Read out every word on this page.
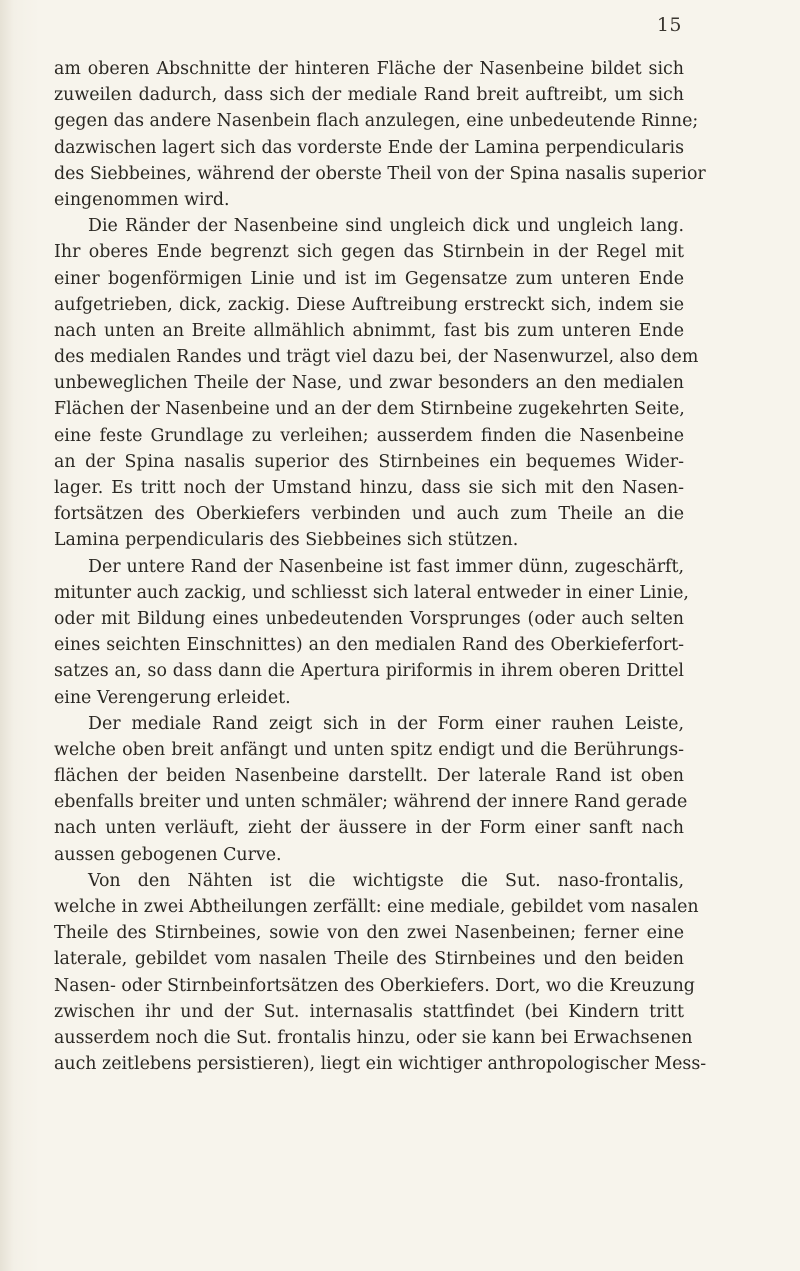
15
am oberen Abschnitte der hinteren Fläche der Nasenbeine bildet sich
zuweilen dadurch, dass sich der mediale Rand breit auftreibt, um sich
gegen das andere Nasenbein flach anzulegen, eine unbedeutende Rinne;
dazwischen lagert sich das vorderste Ende der Lamina perpendicularis
des Siebbeines, während der oberste Theil von der Spina nasalis superior
eingenommen wird.
Die Ränder der Nasenbeine sind ungleich dick und ungleich lang.
Ihr oberes Ende begrenzt sich gegen das Stirnbein in der Regel mit
einer bogenförmigen Linie und ist im Gegensatze zum unteren Ende
aufgetrieben, dick, zackig. Diese Auftreibung erstreckt sich, indem sie
nach unten an Breite allmählich abnimmt, fast bis zum unteren Ende
des medialen Randes und trägt viel dazu bei, der Nasenwurzel, also dem
unbeweglichen Theile der Nase, und zwar besonders an den medialen
Flächen der Nasenbeine und an der dem Stirnbeine zugekehrten Seite,
eine feste Grundlage zu verleihen; ausserdem finden die Nasenbeine
an der Spina nasalis superior des Stirnbeines ein bequemes Wider-
lager. Es tritt noch der Umstand hinzu, dass sie sich mit den Nasen-
fortsätzen des Oberkiefers verbinden und auch zum Theile an die
Lamina perpendicularis des Siebbeines sich stützen.
Der untere Rand der Nasenbeine ist fast immer dünn, zugeschärft,
mitunter auch zackig, und schliesst sich lateral entweder in einer Linie,
oder mit Bildung eines unbedeutenden Vorsprunges (oder auch selten
eines seichten Einschnittes) an den medialen Rand des Oberkieferfort-
satzes an, so dass dann die Apertura piriformis in ihrem oberen Drittel
eine Verengerung erleidet.
Der mediale Rand zeigt sich in der Form einer rauhen Leiste,
welche oben breit anfängt und unten spitz endigt und die Berührungs-
flächen der beiden Nasenbeine darstellt. Der laterale Rand ist oben
ebenfalls breiter und unten schmäler; während der innere Rand gerade
nach unten verläuft, zieht der äussere in der Form einer sanft nach
aussen gebogenen Curve.
Von den Nähten ist die wichtigste die Sut. naso-frontalis,
welche in zwei Abtheilungen zerfällt: eine mediale, gebildet vom nasalen
Theile des Stirnbeines, sowie von den zwei Nasenbeinen; ferner eine
laterale, gebildet vom nasalen Theile des Stirnbeines und den beiden
Nasen- oder Stirnbeinfortsätzen des Oberkiefers. Dort, wo die Kreuzung
zwischen ihr und der Sut. internasalis stattfindet (bei Kindern tritt
ausserdem noch die Sut. frontalis hinzu, oder sie kann bei Erwachsenen
auch zeitlebens persistieren), liegt ein wichtiger anthropologischer Mess-
